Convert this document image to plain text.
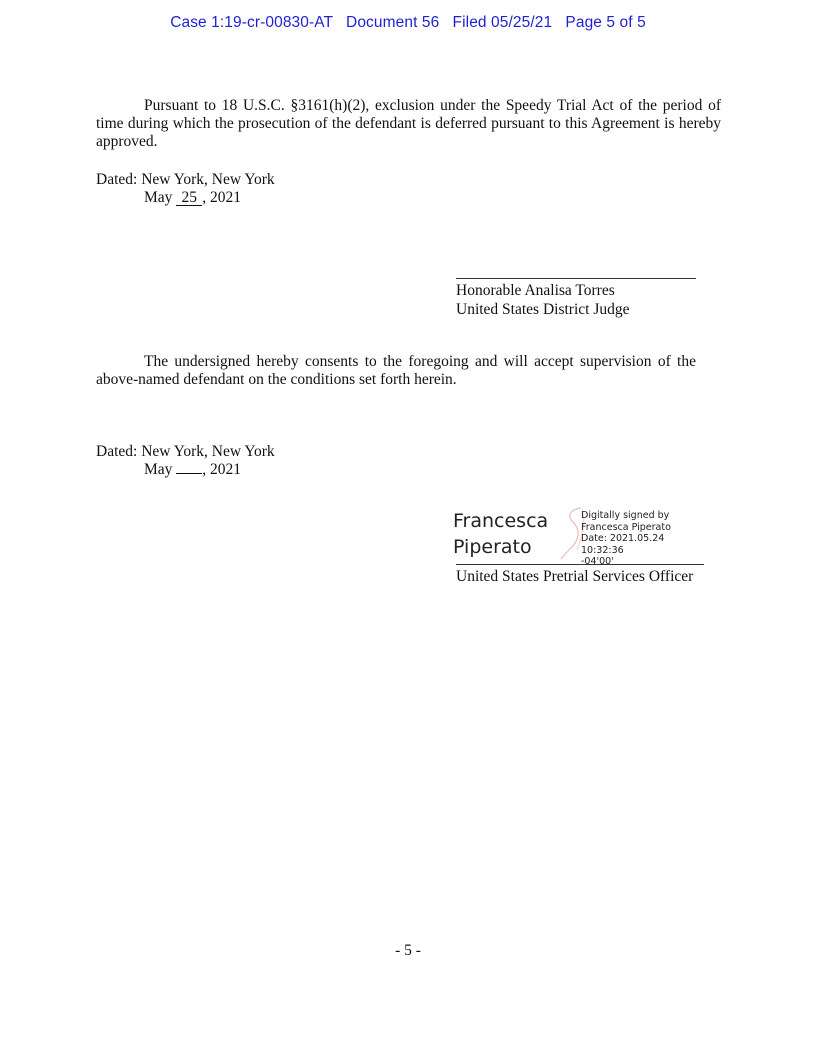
Case 1:19-cr-00830-AT   Document 56   Filed 05/25/21   Page 5 of 5
Pursuant to 18 U.S.C. §3161(h)(2), exclusion under the Speedy Trial Act of the period of time during which the prosecution of the defendant is deferred pursuant to this Agreement is hereby approved.
Dated: New York, New York
May 25 , 2021
Honorable Analisa Torres
United States District Judge
The undersigned hereby consents to the foregoing and will accept supervision of the above-named defendant on the conditions set forth herein.
Dated: New York, New York
May , 2021
Francesca
Piperato
Digitally signed by
Francesca Piperato
Date: 2021.05.24 10:32:36
-04'00'
United States Pretrial Services Officer
- 5 -
